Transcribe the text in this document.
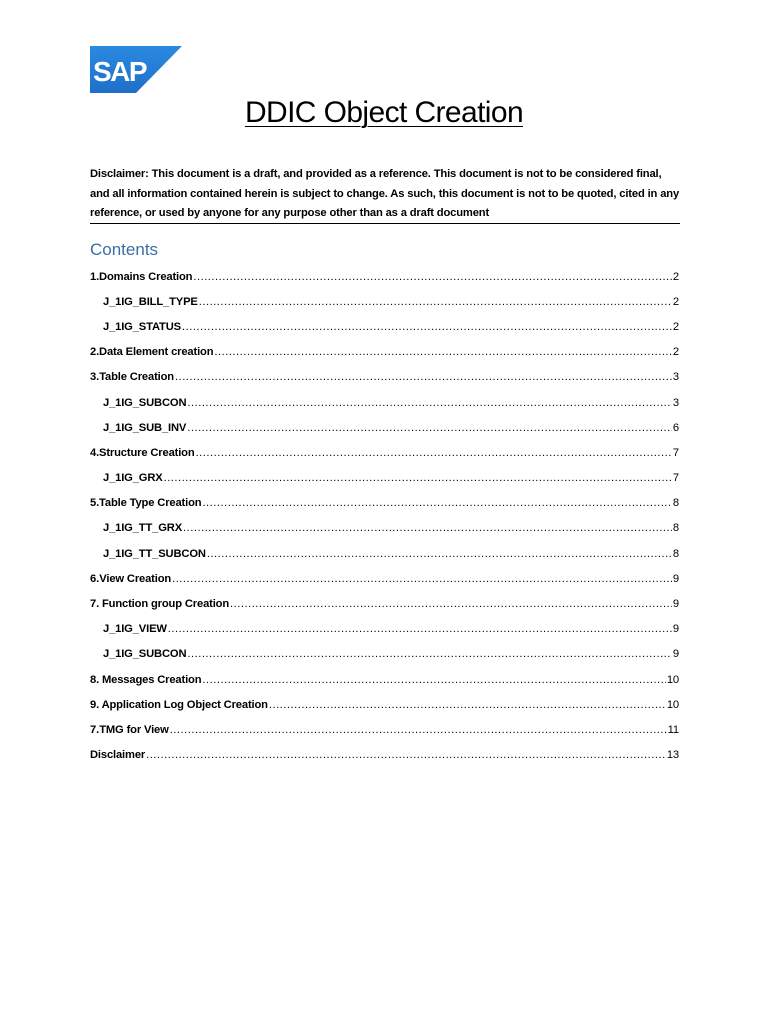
SAP
®
DDIC Object Creation

Disclaimer: This document is a draft, and provided as a reference. This document is not to be considered final, and all information contained herein is subject to change. As such, this document is not to be quoted, cited in any reference, or used by anyone for any purpose other than as a draft document

Contents
1. Domains Creation .....	2
J_1IG_BILL_TYPE .....	2
J_1IG_STATUS .....	2
2. Data Element creation .....	2
3. Table Creation .....	3
J_1IG_SUBCON .....	3
J_1IG_SUB_INV .....	6
4. Structure Creation .....	7
J_1IG_GRX .....	7
5. Table Type Creation .....	8
J_1IG_TT_GRX .....	8
J_1IG_TT_SUBCON .....	8
6. View Creation .....	9
7. Function group Creation .....	9
J_1IG_VIEW .....	9
J_1IG_SUBCON .....	9
8. Messages Creation .....	10
9. Application Log Object Creation .....	10
7. TMG for View .....	11
Disclaimer .....	13
